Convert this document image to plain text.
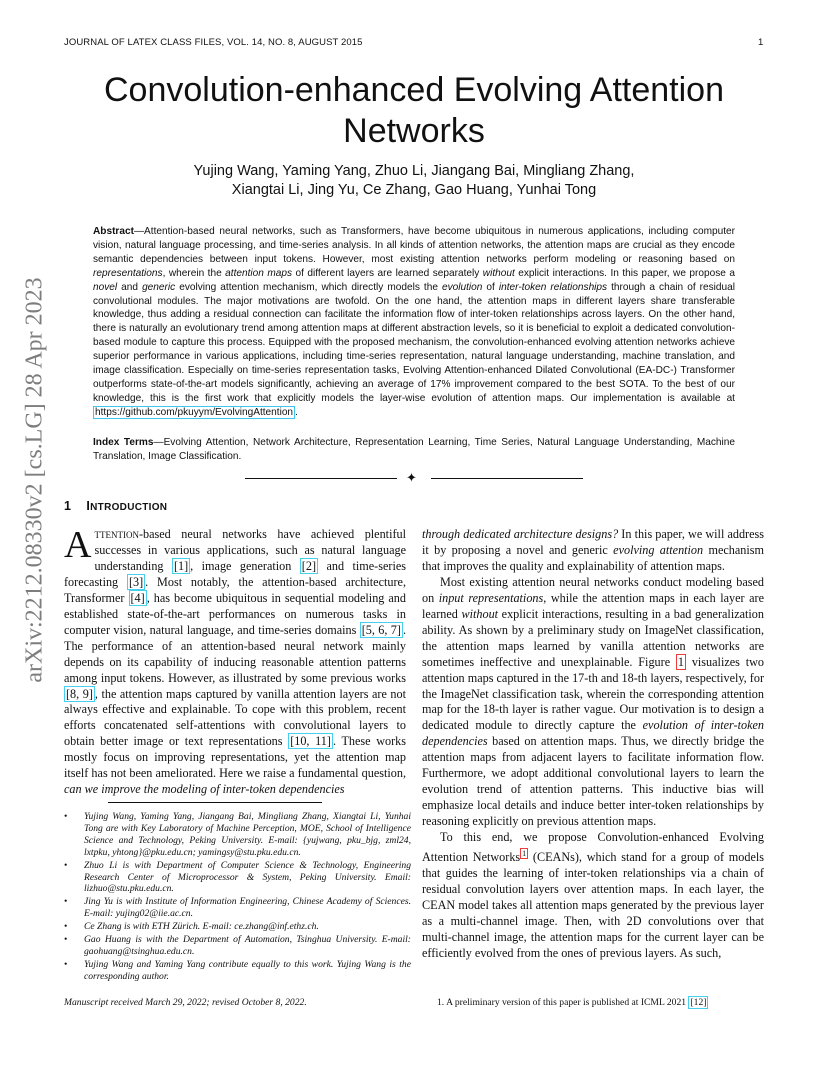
JOURNAL OF LATEX CLASS FILES, VOL. 14, NO. 8, AUGUST 2015	1
arXiv:2212.08330v2 [cs.LG] 28 Apr 2023
Convolution-enhanced Evolving Attention
Networks
Yujing Wang, Yaming Yang, Zhuo Li, Jiangang Bai, Mingliang Zhang,
Xiangtai Li, Jing Yu, Ce Zhang, Gao Huang, Yunhai Tong
Abstract—Attention-based neural networks, such as Transformers, have become ubiquitous in numerous applications, including computer vision, natural language processing, and time-series analysis. In all kinds of attention networks, the attention maps are crucial as they encode semantic dependencies between input tokens. However, most existing attention networks perform modeling or reasoning based on representations, wherein the attention maps of different layers are learned separately without explicit interactions. In this paper, we propose a novel and generic evolving attention mechanism, which directly models the evolution of inter-token relationships through a chain of residual convolutional modules. The major motivations are twofold. On the one hand, the attention maps in different layers share transferable knowledge, thus adding a residual connection can facilitate the information flow of inter-token relationships across layers. On the other hand, there is naturally an evolutionary trend among attention maps at different abstraction levels, so it is beneficial to exploit a dedicated convolution-based module to capture this process. Equipped with the proposed mechanism, the convolution-enhanced evolving attention networks achieve superior performance in various applications, including time-series representation, natural language understanding, machine translation, and image classification. Especially on time-series representation tasks, Evolving Attention-enhanced Dilated Convolutional (EA-DC-) Transformer outperforms state-of-the-art models significantly, achieving an average of 17% improvement compared to the best SOTA. To the best of our knowledge, this is the first work that explicitly models the layer-wise evolution of attention maps. Our implementation is available at https://github.com/pkuyym/EvolvingAttention .
Index Terms—Evolving Attention, Network Architecture, Representation Learning, Time Series, Natural Language Understanding, Machine Translation, Image Classification.
✦
1 INTRODUCTION

Attention-based neural networks have achieved plentiful successes in various applications, such as natural language understanding [1] , image generation [2] and time-series forecasting [3] . Most notably, the attention-based architecture, Transformer [4] , has become ubiquitous in sequential modeling and established state-of-the-art performances on numerous tasks in computer vision, natural language, and time-series domains [5, 6, 7] . The performance of an attention-based neural network mainly depends on its capability of inducing reasonable attention patterns among input tokens. However, as illustrated by some previous works [8, 9] , the attention maps captured by vanilla attention layers are not always effective and explainable. To cope with this problem, recent efforts concatenated self-attentions with convolutional layers to obtain better image or text representations [10, 11] . These works mostly focus on improving representations, yet the attention map itself has not been ameliorated. Here we raise a fundamental question, can we improve the modeling of inter-token dependencies

through dedicated architecture designs? In this paper, we will address it by proposing a novel and generic evolving attention mechanism that improves the quality and explainability of attention maps.

Most existing attention neural networks conduct modeling based on input representations, while the attention maps in each layer are learned without explicit interactions, resulting in a bad generalization ability. As shown by a preliminary study on ImageNet classification, the attention maps learned by vanilla attention networks are sometimes ineffective and unexplainable. Figure 1 visualizes two attention maps captured in the 17-th and 18-th layers, respectively, for the ImageNet classification task, wherein the corresponding attention map for the 18-th layer is rather vague. Our motivation is to design a dedicated module to directly capture the evolution of inter-token dependencies based on attention maps. Thus, we directly bridge the attention maps from adjacent layers to facilitate information flow. Furthermore, we adopt additional convolutional layers to learn the evolution trend of attention patterns. This inductive bias will emphasize local details and induce better inter-token relationships by reasoning explicitly on previous attention maps.

To this end, we propose Convolution-enhanced Evolving Attention Networks $^1$ (CEANs), which stand for a group of models that guides the learning of inter-token relationships via a chain of residual convolution layers over attention maps. In each layer, the CEAN model takes all attention maps generated by the previous layer as a multi-channel image. Then, with 2D convolutions over that multi-channel image, the attention maps for the current layer can be efficiently evolved from the ones of previous layers. As such,

• Yujing Wang, Yaming Yang, Jiangang Bai, Mingliang Zhang, Xiangtai Li, Yunhai Tong are with Key Laboratory of Machine Perception, MOE, School of Intelligence Science and Technology, Peking University. E-mail: {yujwang, pku_bjg, zml24, lxtpku, yhtong}@pku.edu.cn; yamingsy@stu.pku.edu.cn.
• Zhuo Li is with Department of Computer Science & Technology, Engineering Research Center of Microprocessor & System, Peking University. Email: lizhuo@stu.pku.edu.cn.
• Jing Yu is with Institute of Information Engineering, Chinese Academy of Sciences. E-mail: yujing02@iie.ac.cn.
• Ce Zhang is with ETH Zürich. E-mail: ce.zhang@inf.ethz.ch.
• Gao Huang is with the Department of Automation, Tsinghua University. E-mail: gaohuang@tsinghua.edu.cn.
• Yujing Wang and Yaming Yang contribute equally to this work. Yujing Wang is the corresponding author.
Manuscript received March 29, 2022; revised October 8, 2022.	1. A preliminary version of this paper is published at ICML 2021 [12]
